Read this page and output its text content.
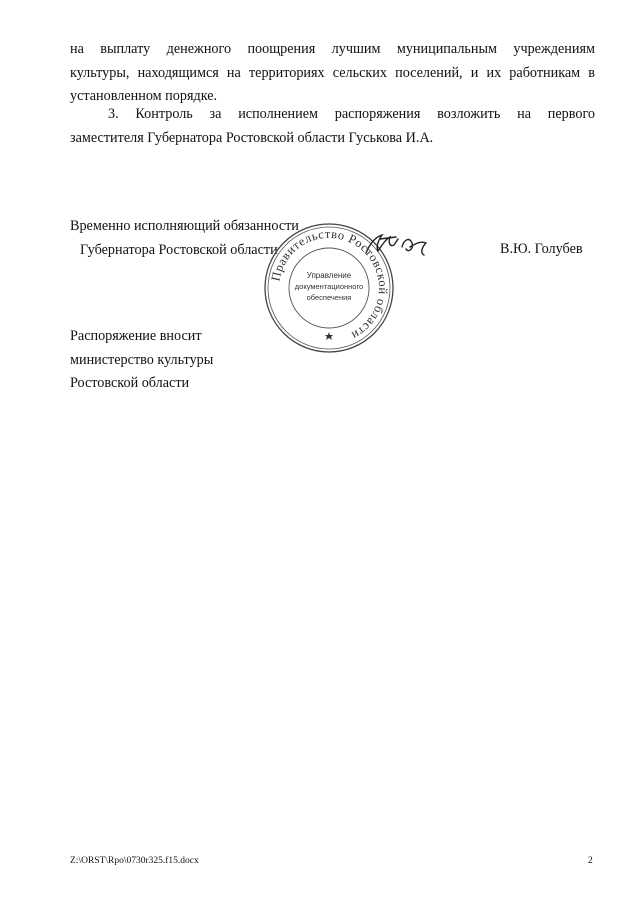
на выплату денежного поощрения лучшим муниципальным учреждениям
культуры, находящимся на территориях сельских поселений, и их работникам в
установленном порядке.
3. Контроль за исполнением распоряжения возложить на первого
заместителя Губернатора Ростовской области Гуськова И.А.
Временно исполняющий обязанности
Губернатора Ростовской области	В.Ю. Голубев
Правительство Ростовской области
Управление
документационного
обеспечения
Распоряжение вносит
министерство культуры
Ростовской области
Z:\ORST\Rpo\0730r325.f15.docx	2
